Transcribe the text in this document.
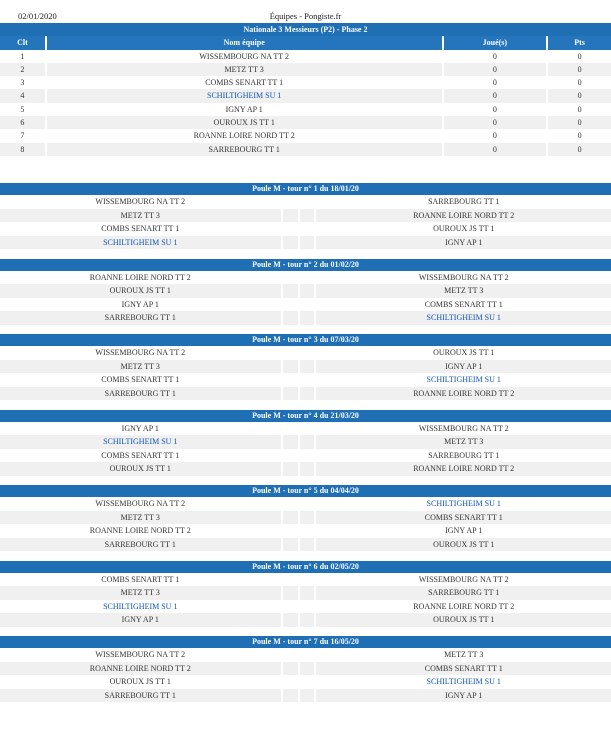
02/01/2020	Équipes - Pongiste.fr
Nationale 3 Messieurs (P2) - Phase 2			
Clt	Nom équipe	Joué(s)	Pts
1	WISSEMBOURG NA TT 2	0	0
2	METZ TT 3	0	0
3	COMBS SENART TT 1	0	0
4	SCHILTIGHEIM SU 1	0	0
5	IGNY AP 1	0	0
6	OUROUX JS TT 1	0	0
7	ROANNE LOIRE NORD TT 2	0	0
8	SARREBOURG TT 1	0	0
Poule M - tour n° 1 du 18/01/20
WISSEMBOURG NA TT 2	SARREBOURG TT 1
METZ TT 3	ROANNE LOIRE NORD TT 2
COMBS SENART TT 1	OUROUX JS TT 1
SCHILTIGHEIM SU 1	IGNY AP 1
Poule M - tour n° 2 du 01/02/20
ROANNE LOIRE NORD TT 2	WISSEMBOURG NA TT 2
OUROUX JS TT 1	METZ TT 3
IGNY AP 1	COMBS SENART TT 1
SARREBOURG TT 1	SCHILTIGHEIM SU 1
Poule M - tour n° 3 du 07/03/20
WISSEMBOURG NA TT 2	OUROUX JS TT 1
METZ TT 3	IGNY AP 1
COMBS SENART TT 1	SCHILTIGHEIM SU 1
SARREBOURG TT 1	ROANNE LOIRE NORD TT 2
Poule M - tour n° 4 du 21/03/20
IGNY AP 1	WISSEMBOURG NA TT 2
SCHILTIGHEIM SU 1	METZ TT 3
COMBS SENART TT 1	SARREBOURG TT 1
OUROUX JS TT 1	ROANNE LOIRE NORD TT 2
Poule M - tour n° 5 du 04/04/20
WISSEMBOURG NA TT 2	SCHILTIGHEIM SU 1
METZ TT 3	COMBS SENART TT 1
ROANNE LOIRE NORD TT 2	IGNY AP 1
SARREBOURG TT 1	OUROUX JS TT 1
Poule M - tour n° 6 du 02/05/20
COMBS SENART TT 1	WISSEMBOURG NA TT 2
METZ TT 3	SARREBOURG TT 1
SCHILTIGHEIM SU 1	ROANNE LOIRE NORD TT 2
IGNY AP 1	OUROUX JS TT 1
Poule M - tour n° 7 du 16/05/20
WISSEMBOURG NA TT 2	METZ TT 3
ROANNE LOIRE NORD TT 2	COMBS SENART TT 1
OUROUX JS TT 1	SCHILTIGHEIM SU 1
SARREBOURG TT 1	IGNY AP 1
